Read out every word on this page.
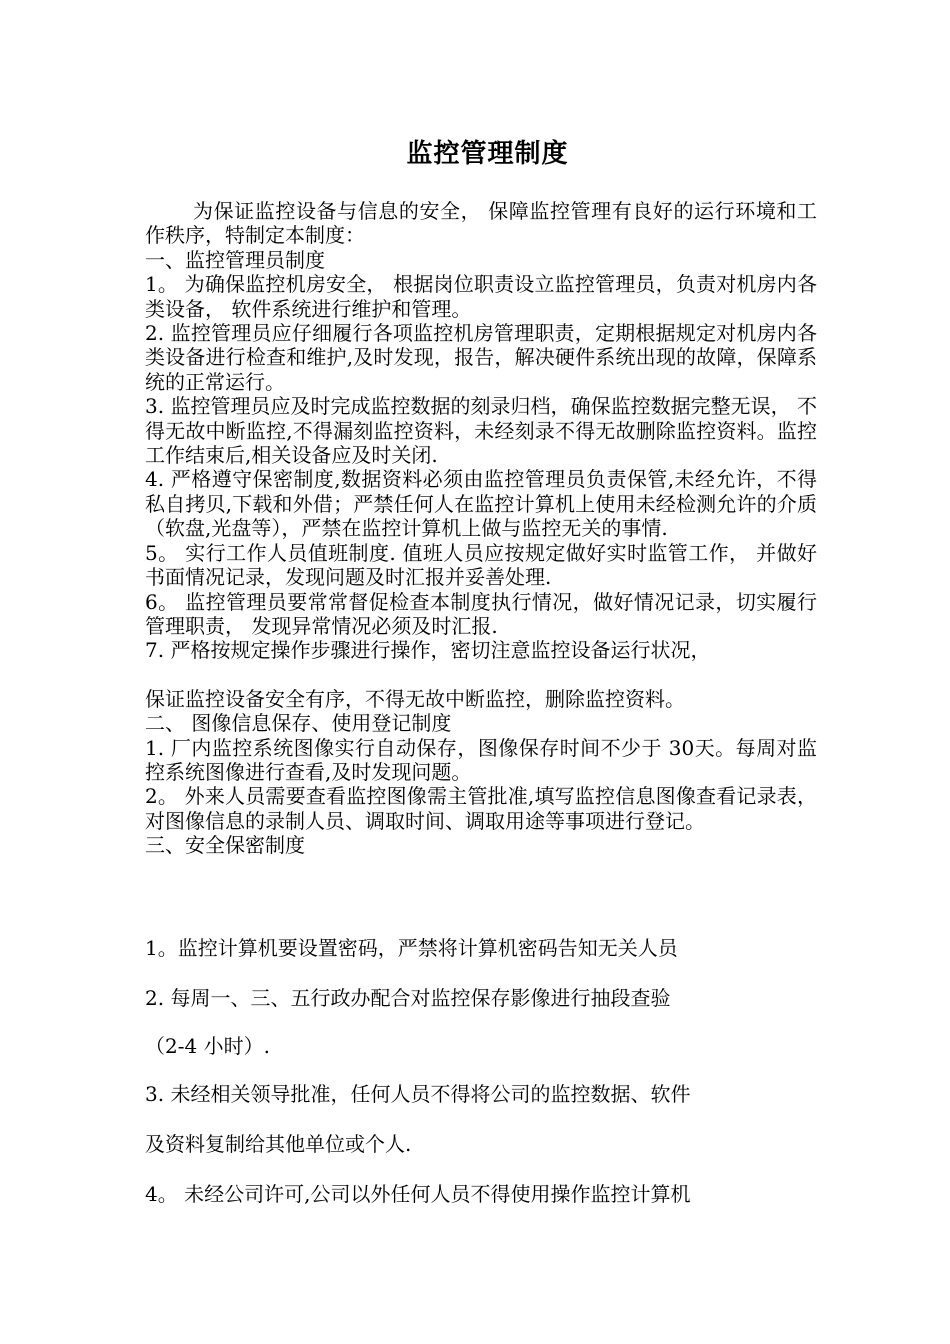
监控管理制度

为保证监控设备与信息的安全， 保障监控管理有良好的运行环境和工作秩序，特制定本制度：

一、监控管理员制度

1。 为确保监控机房安全， 根据岗位职责设立监控管理员，负责对机房内各类设备， 软件系统进行维护和管理。

2. 监控管理员应仔细履行各项监控机房管理职责，定期根据规定对机房内各类设备进行检查和维护,及时发现，报告，解决硬件系统出现的故障，保障系统的正常运行。

3. 监控管理员应及时完成监控数据的刻录归档，确保监控数据完整无误， 不得无故中断监控,不得漏刻监控资料，未经刻录不得无故删除监控资料。监控工作结束后,相关设备应及时关闭.

4. 严格遵守保密制度,数据资料必须由监控管理员负责保管,未经允许，不得私自拷贝,下载和外借；严禁任何人在监控计算机上使用未经检测允许的介质（软盘,光盘等），严禁在监控计算机上做与监控无关的事情.

5。 实行工作人员值班制度. 值班人员应按规定做好实时监管工作， 并做好书面情况记录，发现问题及时汇报并妥善处理.

6。 监控管理员要常常督促检查本制度执行情况，做好情况记录，切实履行管理职责， 发现异常情况必须及时汇报.

7. 严格按规定操作步骤进行操作，密切注意监控设备运行状况，

保证监控设备安全有序，不得无故中断监控，删除监控资料。

二、 图像信息保存、使用登记制度

1. 厂内监控系统图像实行自动保存，图像保存时间不少于 30天。每周对监控系统图像进行查看,及时发现问题。

2。 外来人员需要查看监控图像需主管批准,填写监控信息图像查看记录表，对图像信息的录制人员、调取时间、调取用途等事项进行登记。

三、安全保密制度

1。监控计算机要设置密码，严禁将计算机密码告知无关人员

2. 每周一、三、五行政办配合对监控保存影像进行抽段查验

（2-4 小时）.

3. 未经相关领导批准，任何人员不得将公司的监控数据、软件

及资料复制给其他单位或个人.

4。 未经公司许可,公司以外任何人员不得使用操作监控计算机
